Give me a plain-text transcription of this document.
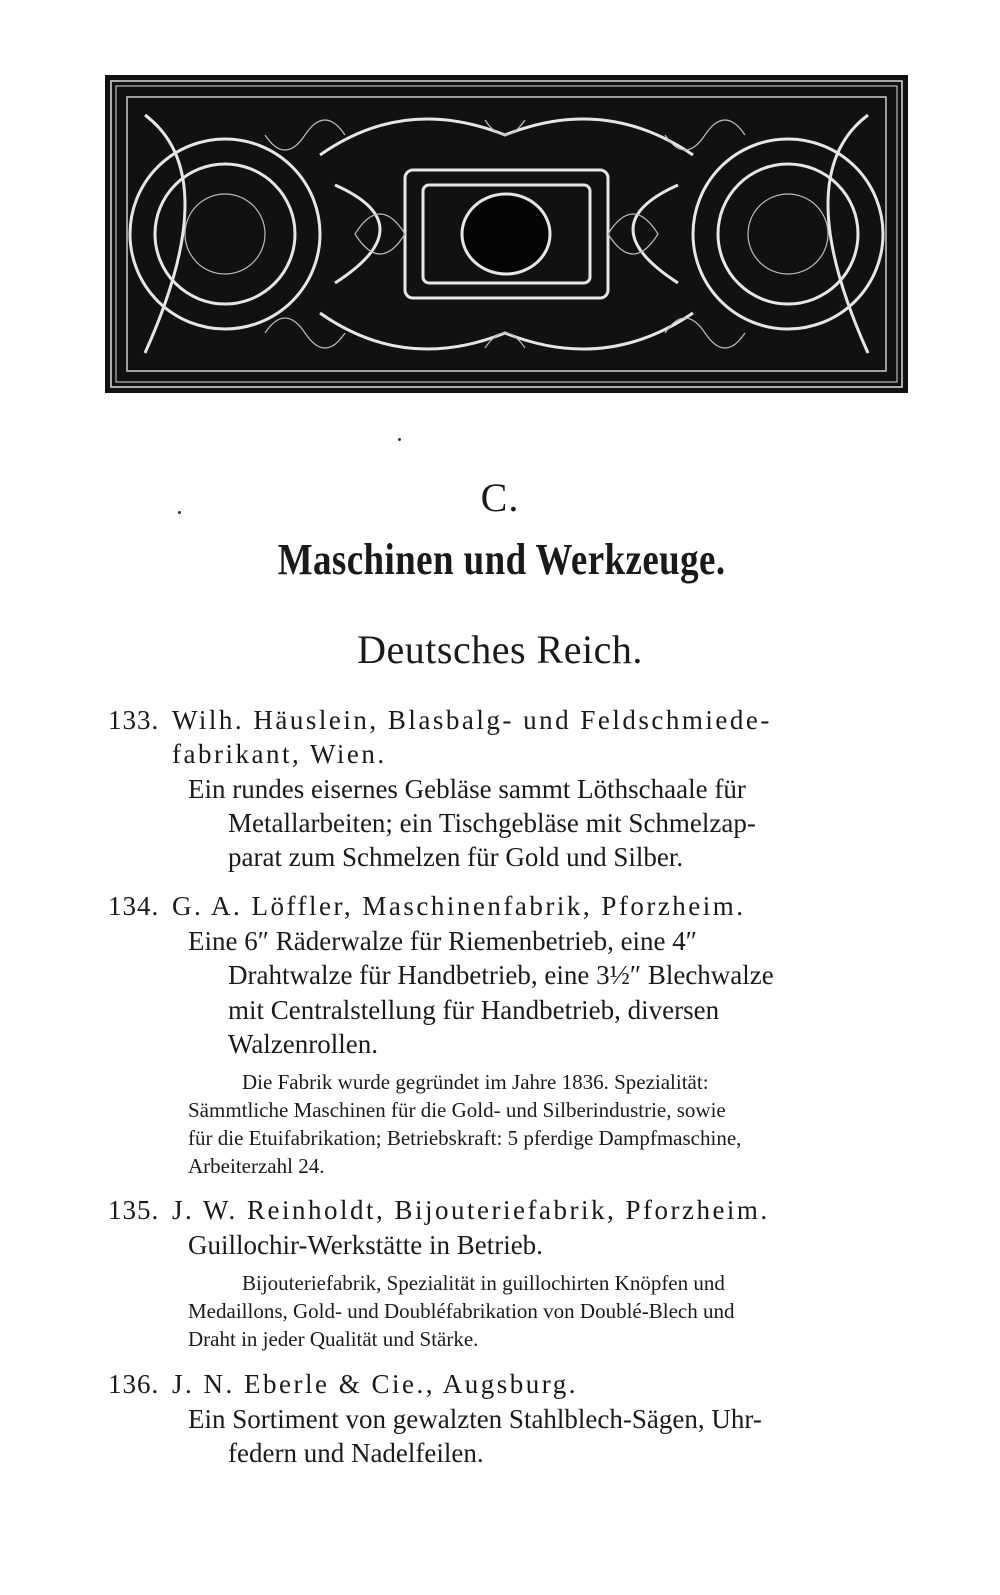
C.
Maschinen und Werkzeuge.
Deutsches Reich.
133. Wilh. Häuslein, Blasbalg- und Feldschmiede-
fabrikant, Wien.
Ein rundes eisernes Gebläse sammt Löthschaale für
Metallarbeiten; ein Tischgebläse mit Schmelzap-
parat zum Schmelzen für Gold und Silber.
134. G. A. Löffler, Maschinenfabrik, Pforzheim.
Eine 6″ Räderwalze für Riemenbetrieb, eine 4″
Drahtwalze für Handbetrieb, eine 3½″ Blechwalze
mit Centralstellung für Handbetrieb, diversen
Walzenrollen.
Die Fabrik wurde gegründet im Jahre 1836. Spezialität:
Sämmtliche Maschinen für die Gold- und Silberindustrie, sowie
für die Etuifabrikation; Betriebskraft: 5 pferdige Dampfmaschine,
Arbeiterzahl 24.
135. J. W. Reinholdt, Bijouteriefabrik, Pforzheim.
Guillochir-Werkstätte in Betrieb.
Bijouteriefabrik, Spezialität in guillochirten Knöpfen und
Medaillons, Gold- und Doubléfabrikation von Doublé-Blech und
Draht in jeder Qualität und Stärke.
136. J. N. Eberle & Cie., Augsburg.
Ein Sortiment von gewalzten Stahlblech-Sägen, Uhr-
federn und Nadelfeilen.
